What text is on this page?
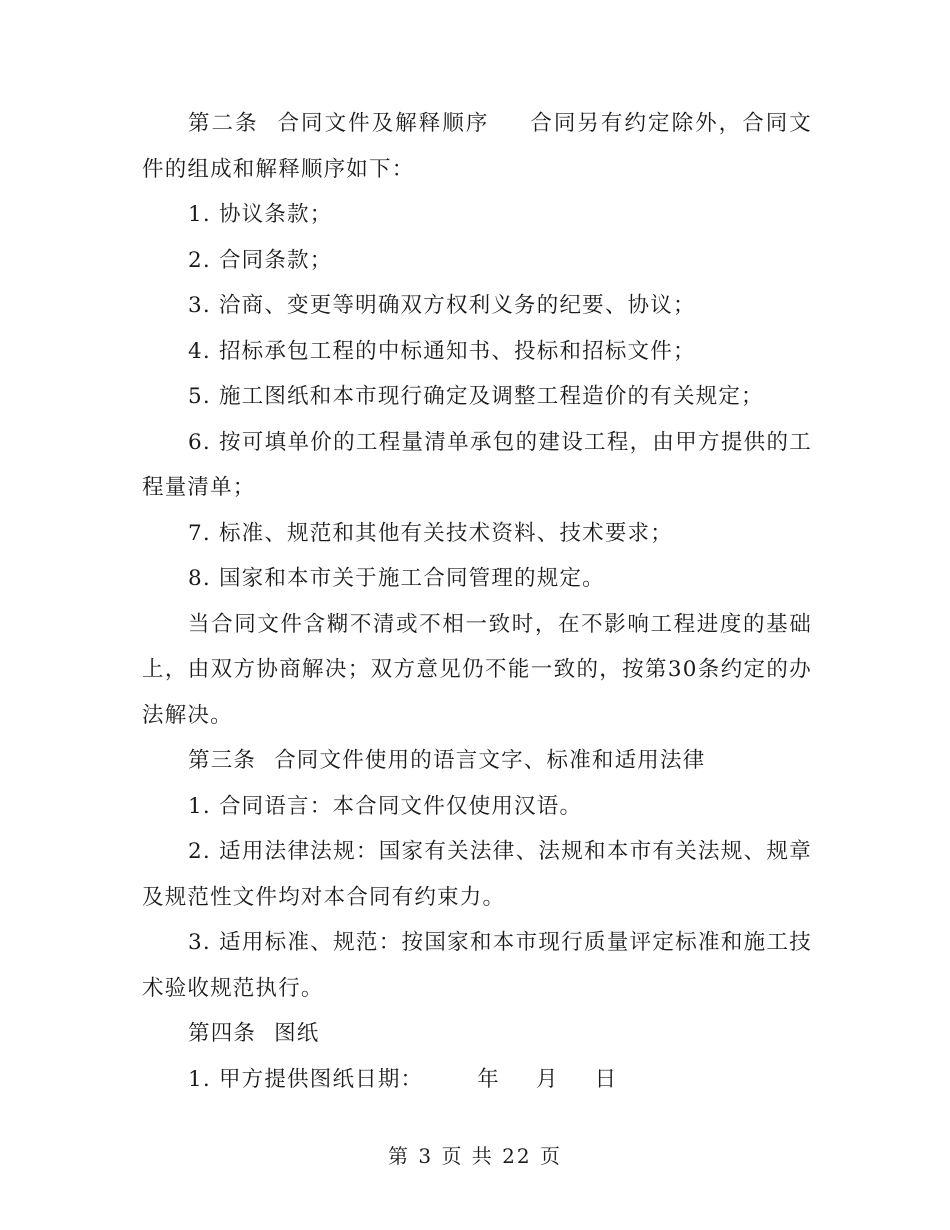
第二条 合同文件及解释顺序 合同另有约定除外，合同文件的组成和解释顺序如下：

1. 协议条款；

2. 合同条款；

3. 洽商、变更等明确双方权利义务的纪要、协议；

4. 招标承包工程的中标通知书、投标和招标文件；

5. 施工图纸和本市现行确定及调整工程造价的有关规定；

6. 按可填单价的工程量清单承包的建设工程，由甲方提供的工程量清单；

7. 标准、规范和其他有关技术资料、技术要求；

8. 国家和本市关于施工合同管理的规定。

当合同文件含糊不清或不相一致时，在不影响工程进度的基础上，由双方协商解决；双方意见仍不能一致的，按第30条约定的办法解决。

第三条 合同文件使用的语言文字、标准和适用法律

1. 合同语言：本合同文件仅使用汉语。

2. 适用法律法规：国家有关法律、法规和本市有关法规、规章及规范性文件均对本合同有约束力。

3. 适用标准、规范：按国家和本市现行质量评定标准和施工技术验收规范执行。

第四条 图纸

1. 甲方提供图纸日期：	年 月 日

第 3 页 共 22 页
